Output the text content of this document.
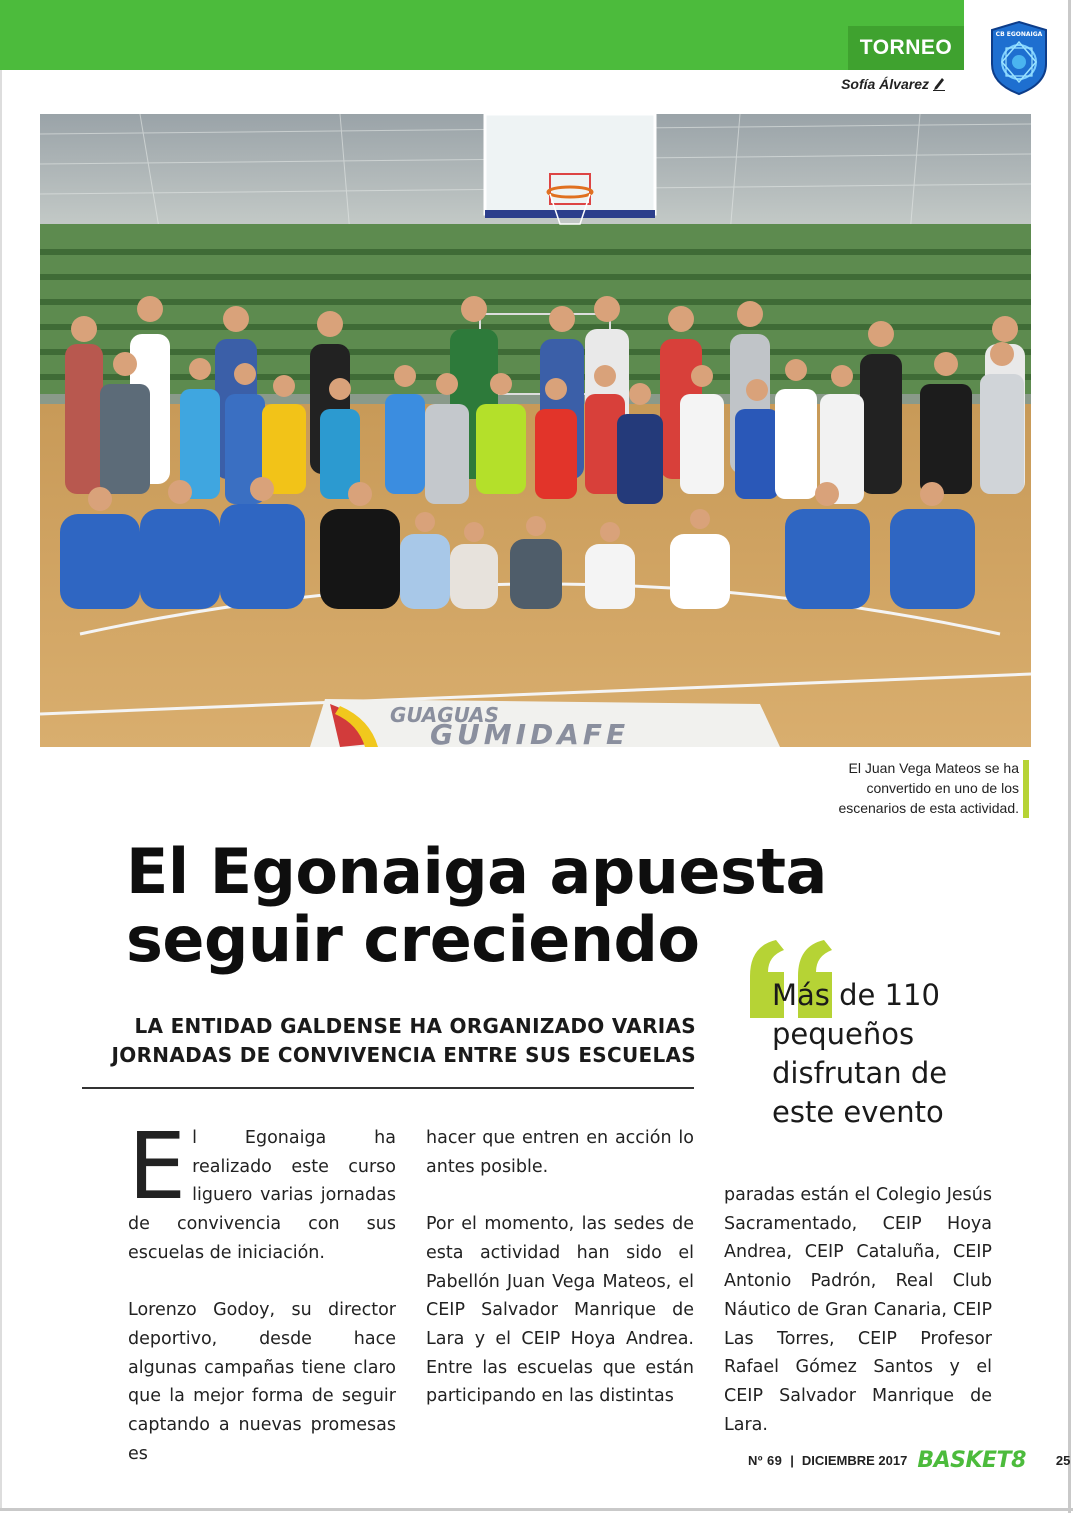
TORNEO
Sofía Álvarez
CB EGONAIGA
GUAGUAS
GUMIDAFE
El Juan Vega Mateos se ha convertido en uno de los escenarios de esta actividad.
El Egonaiga apuesta
seguir creciendo
LA ENTIDAD GALDENSE HA ORGANIZADO VARIAS
JORNADAS DE CONVIVENCIA ENTRE SUS ESCUELAS
Más de 110 pequeños disfrutan de este evento

El Egonaiga ha realizado este curso liguero varias jornadas de convivencia con sus escuelas de iniciación.

Lorenzo Godoy, su director deportivo, desde hace algunas campañas tiene claro que la mejor forma de seguir captando a nuevas promesas es

hacer que entren en acción lo antes posible.

Por el momento, las sedes de esta actividad han sido el Pabellón Juan Vega Mateos, el CEIP Salvador Manrique de Lara y el CEIP Hoya Andrea. Entre las escuelas que están participando en las distintas

paradas están el Colegio Jesús Sacramentado, CEIP Hoya Andrea, CEIP Cataluña, CEIP Antonio Padrón, Real Club Náutico de Gran Canaria, CEIP Las Torres, CEIP Profesor Rafael Gómez Santos y el CEIP Salvador Manrique de Lara.

Nº 69 | DICIEMBRE 2017 BASKET8 25
